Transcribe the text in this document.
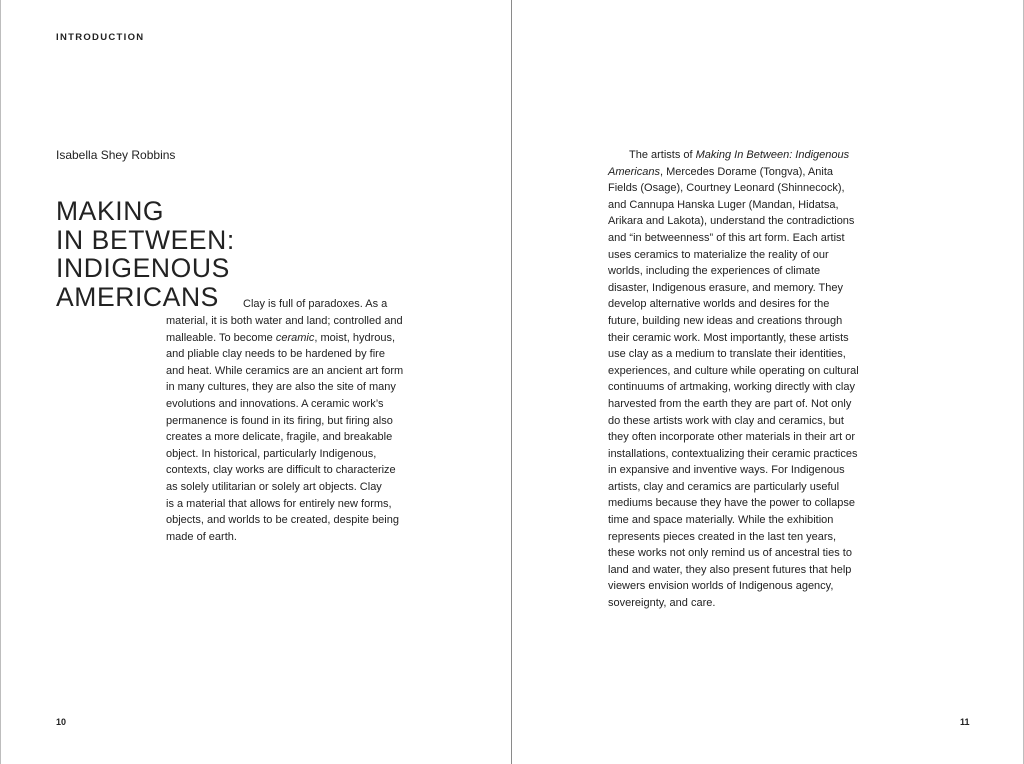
INTRODUCTION
Isabella Shey Robbins
MAKING
IN BETWEEN:
INDIGENOUS
AMERICANS	Clay is full of paradoxes. As a
material, it is both water and land; controlled and
malleable. To become ceramic, moist, hydrous,
and pliable clay needs to be hardened by fire
and heat. While ceramics are an ancient art form
in many cultures, they are also the site of many
evolutions and innovations. A ceramic work’s
permanence is found in its firing, but firing also
creates a more delicate, fragile, and breakable
object. In historical, particularly Indigenous,
contexts, clay works are difficult to characterize
as solely utilitarian or solely art objects. Clay
is a material that allows for entirely new forms,
objects, and worlds to be created, despite being
made of earth.
10
The artists of Making In Between: Indigenous
Americans, Mercedes Dorame (Tongva), Anita
Fields (Osage), Courtney Leonard (Shinnecock),
and Cannupa Hanska Luger (Mandan, Hidatsa,
Arikara and Lakota), understand the contradictions
and “in betweenness” of this art form. Each artist
uses ceramics to materialize the reality of our
worlds, including the experiences of climate
disaster, Indigenous erasure, and memory. They
develop alternative worlds and desires for the
future, building new ideas and creations through
their ceramic work. Most importantly, these artists
use clay as a medium to translate their identities,
experiences, and culture while operating on cultural
continuums of artmaking, working directly with clay
harvested from the earth they are part of. Not only
do these artists work with clay and ceramics, but
they often incorporate other materials in their art or
installations, contextualizing their ceramic practices
in expansive and inventive ways. For Indigenous
artists, clay and ceramics are particularly useful
mediums because they have the power to collapse
time and space materially. While the exhibition
represents pieces created in the last ten years,
these works not only remind us of ancestral ties to
land and water, they also present futures that help
viewers envision worlds of Indigenous agency,
sovereignty, and care.
11
